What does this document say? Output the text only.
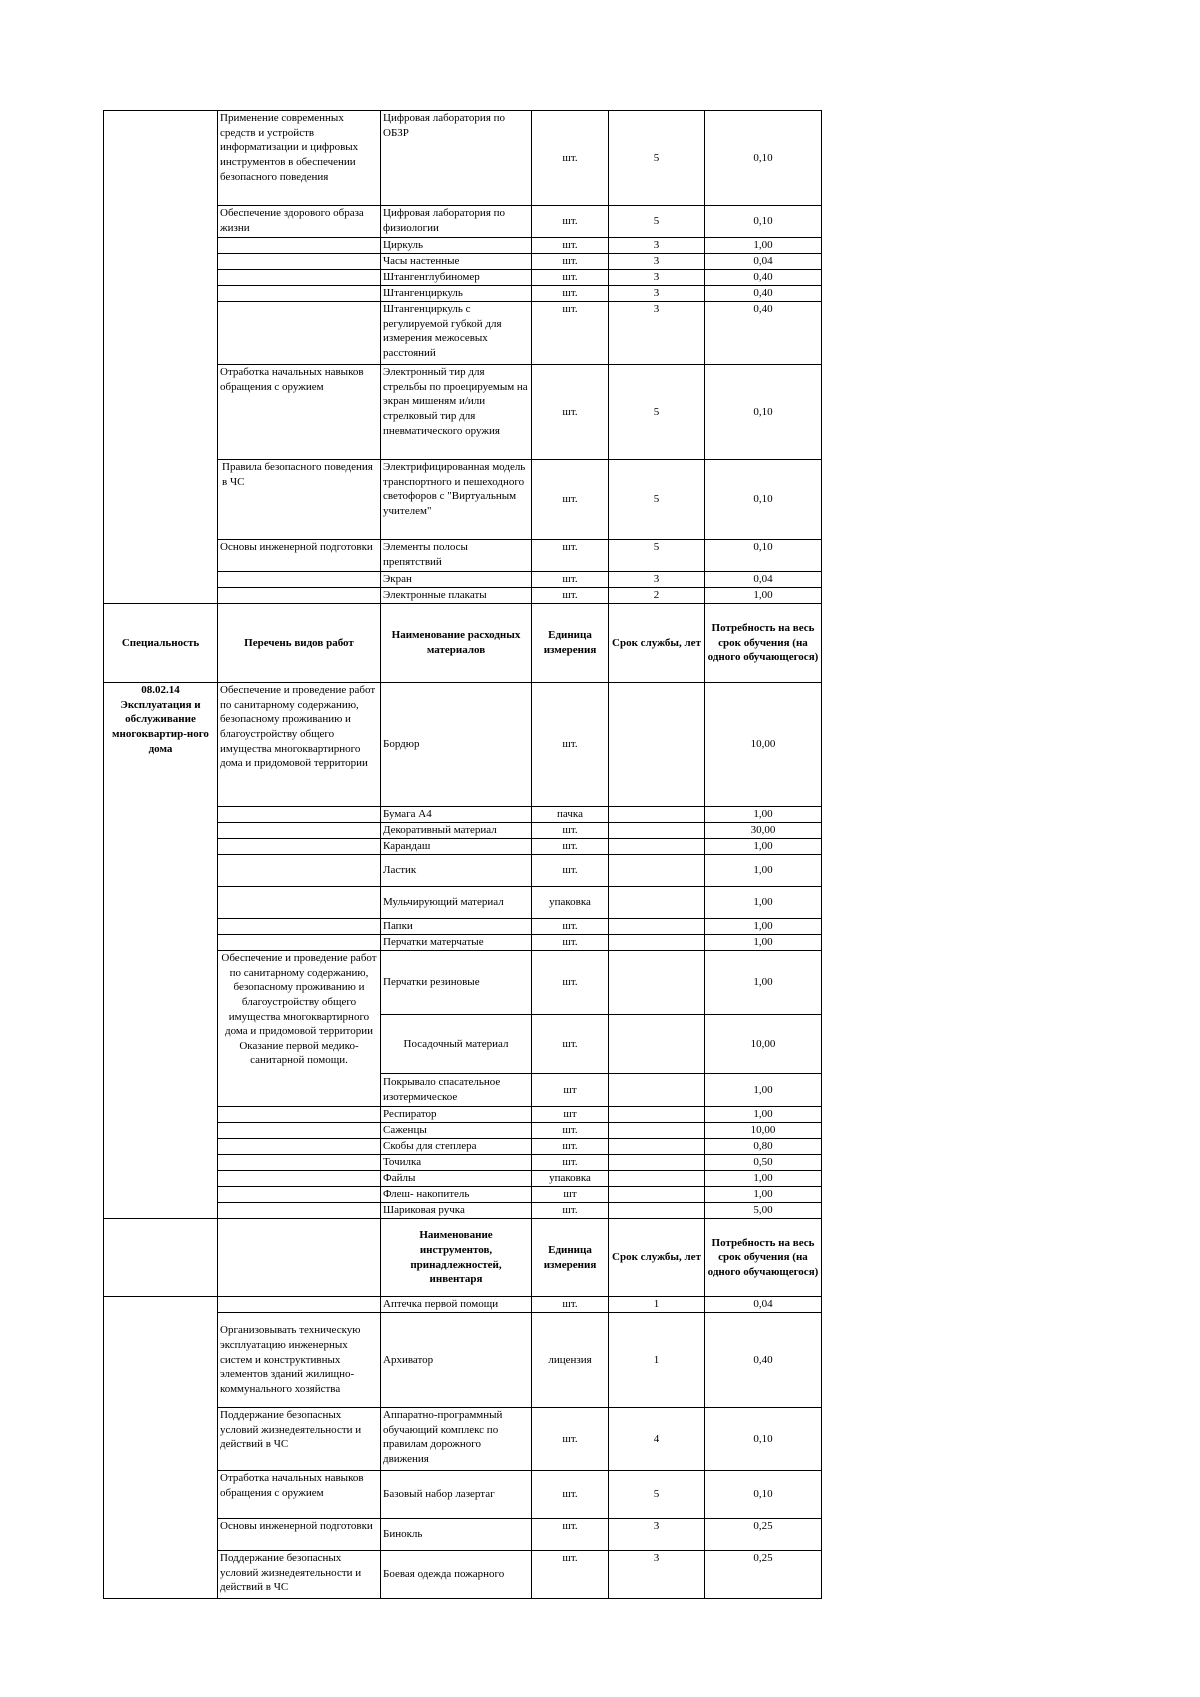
	Применение современных средств и устройств информатизации и цифровых инструментов в обеспечении безопасного поведения	Цифровая лаборатория по ОБЗР	шт.	5	0,10
	Обеспечение здорового образа жизни	Цифровая лаборатория по физиологии	шт.	5	0,10
		Циркуль	шт.	3	1,00
		Часы настенные	шт.	3	0,04
		Штангенглубиномер	шт.	3	0,40
		Штангенциркуль	шт.	3	0,40
		Штангенциркуль с регулируемой губкой для измерения межосевых расстояний	шт.	3	0,40
	Отработка начальных навыков обращения с оружием	Электронный тир для стрельбы по проецируемым на экран мишеням и/или стрелковый тир для пневматического оружия	шт.	5	0,10
	Правила безопасного поведения в ЧС	Электрифицированная модель транспортного и пешеходного светофоров с "Виртуальным учителем"	шт.	5	0,10
	Основы инженерной подготовки	Элементы полосы препятствий	шт.	5	0,10
		Экран	шт.	3	0,04
		Электронные плакаты	шт.	2	1,00
Специальность	Перечень видов работ	Наименование расходных материалов	Единица измерения	Срок службы, лет	Потребность на весь срок обучения (на одного обучающегося)
08.02.14 Эксплуатация и обслуживание многоквартир-ного дома	Обеспечение и проведение работ по санитарному содержанию, безопасному проживанию и благоустройству общего имущества многоквартирного дома и придомовой территории	Бордюр	шт.		10,00
		Бумага А4	пачка		1,00
		Декоративный материал	шт.		30,00
		Карандаш	шт.		1,00
		Ластик	шт.		1,00
		Мульчирующий материал	упаковка		1,00
		Папки	шт.		1,00
		Перчатки матерчатые	шт.		1,00
	Обеспечение и проведение работ по санитарному содержанию, безопасному проживанию и благоустройству общего имущества многоквартирного дома и придомовой территории Оказание первой медико-санитарной помощи.	Перчатки резиновые	шт.		1,00
		Посадочный материал	шт.		10,00
		Покрывало спасательное изотермическое	шт		1,00
		Респиратор	шт		1,00
		Саженцы	шт.		10,00
		Скобы для степлера	шт.		0,80
		Точилка	шт.		0,50
		Файлы	упаковка		1,00
		Флеш- накопитель	шт		1,00
		Шариковая ручка	шт.		5,00
		Наименование инструментов, принадлежностей, инвентаря	Единица измерения	Срок службы, лет	Потребность на весь срок обучения (на одного обучающегося)
		Аптечка первой помощи	шт.	1	0,04
	Организовывать техническую эксплуатацию инженерных систем и конструктивных элементов зданий жилищно-коммунального хозяйства	Архиватор	лицензия	1	0,40
	Поддержание безопасных условий жизнедеятельности и действий в ЧС	Аппаратно-программный обучающий комплекс по правилам дорожного движения	шт.	4	0,10
	Отработка начальных навыков обращения с оружием	Базовый набор лазертаг	шт.	5	0,10
	Основы инженерной подготовки	Бинокль	шт.	3	0,25
	Поддержание безопасных условий жизнедеятельности и действий в ЧС	Боевая одежда пожарного	шт.	3	0,25
